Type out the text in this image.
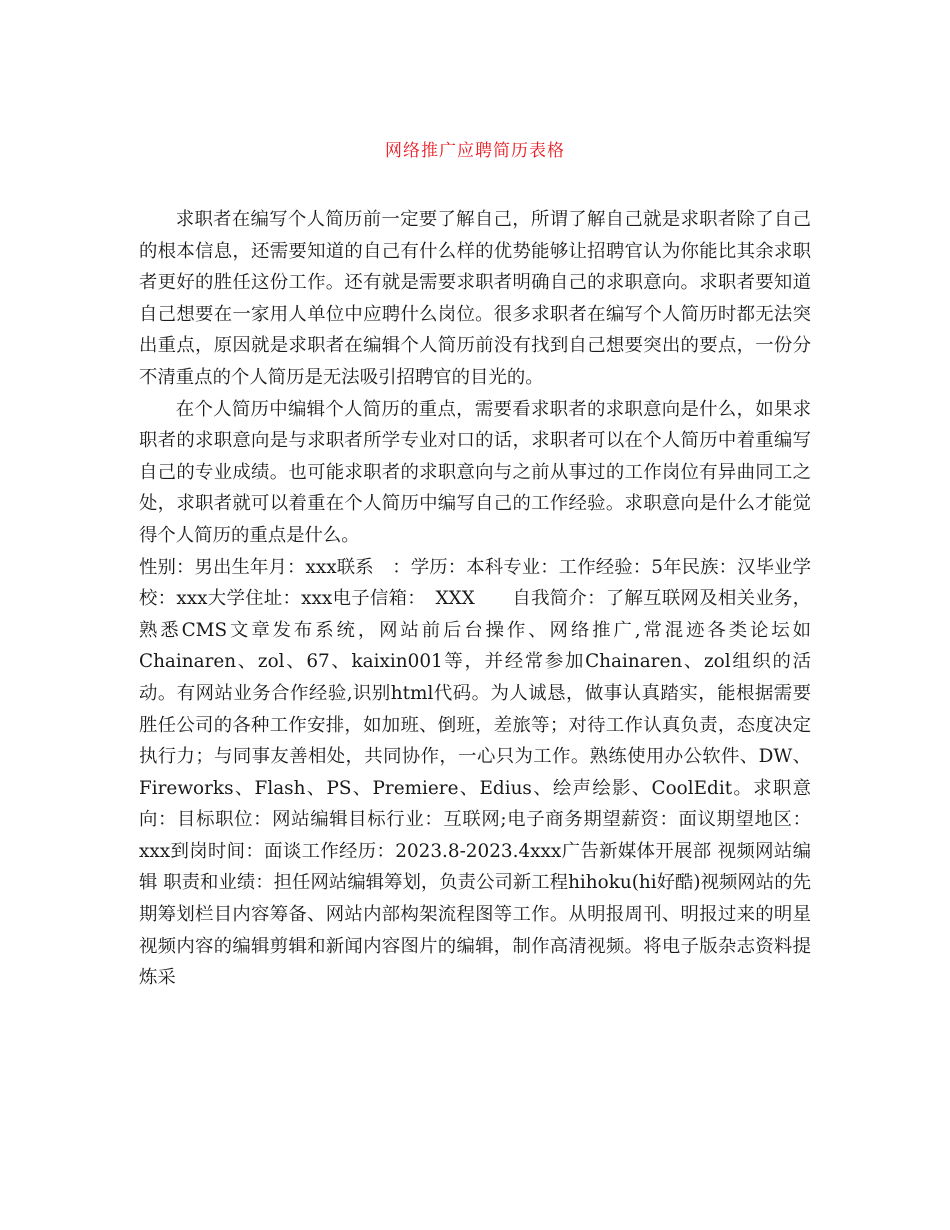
网络推广应聘简历表格

求职者在编写个人简历前一定要了解自己，所谓了解自己就是求职者除了自己的根本信息，还需要知道的自己有什么样的优势能够让招聘官认为你能比其余求职者更好的胜任这份工作。还有就是需要求职者明确自己的求职意向。求职者要知道自己想要在一家用人单位中应聘什么岗位。很多求职者在编写个人简历时都无法突出重点，原因就是求职者在编辑个人简历前没有找到自己想要突出的要点，一份分不清重点的个人简历是无法吸引招聘官的目光的。

在个人简历中编辑个人简历的重点，需要看求职者的求职意向是什么，如果求职者的求职意向是与求职者所学专业对口的话，求职者可以在个人简历中着重编写自己的专业成绩。也可能求职者的求职意向与之前从事过的工作岗位有异曲同工之处，求职者就可以着重在个人简历中编写自己的工作经验。求职意向是什么才能觉得个人简历的重点是什么。

性别：男出生年月：xxx联系　：学历：本科专业：工作经验：5年民族：汉毕业学校：xxx大学住址：xxx电子信箱：　XXX　　自我简介：了解互联网及相关业务，熟悉CMS文章发布系统，网站前后台操作、网络推广,常混迹各类论坛如Chainaren、zol、67、kaixin001等，并经常参加Chainaren、zol组织的活动。有网站业务合作经验,识别html代码。为人诚恳，做事认真踏实，能根据需要胜任公司的各种工作安排，如加班、倒班，差旅等；对待工作认真负责，态度决定执行力；与同事友善相处，共同协作，一心只为工作。熟练使用办公软件、DW、Fireworks、Flash、PS、Premiere、Edius、绘声绘影、CoolEdit。求职意向：目标职位：网站编辑目标行业：互联网;电子商务期望薪资：面议期望地区：xxx到岗时间：面谈工作经历：2023.8-2023.4xxx广告新媒体开展部 视频网站编辑 职责和业绩：担任网站编辑筹划，负责公司新工程hihoku(hi好酷)视频网站的先期筹划栏目内容筹备、网站内部构架流程图等工作。从明报周刊、明报过来的明星视频内容的编辑剪辑和新闻内容图片的编辑，制作高清视频。将电子版杂志资料提炼采
